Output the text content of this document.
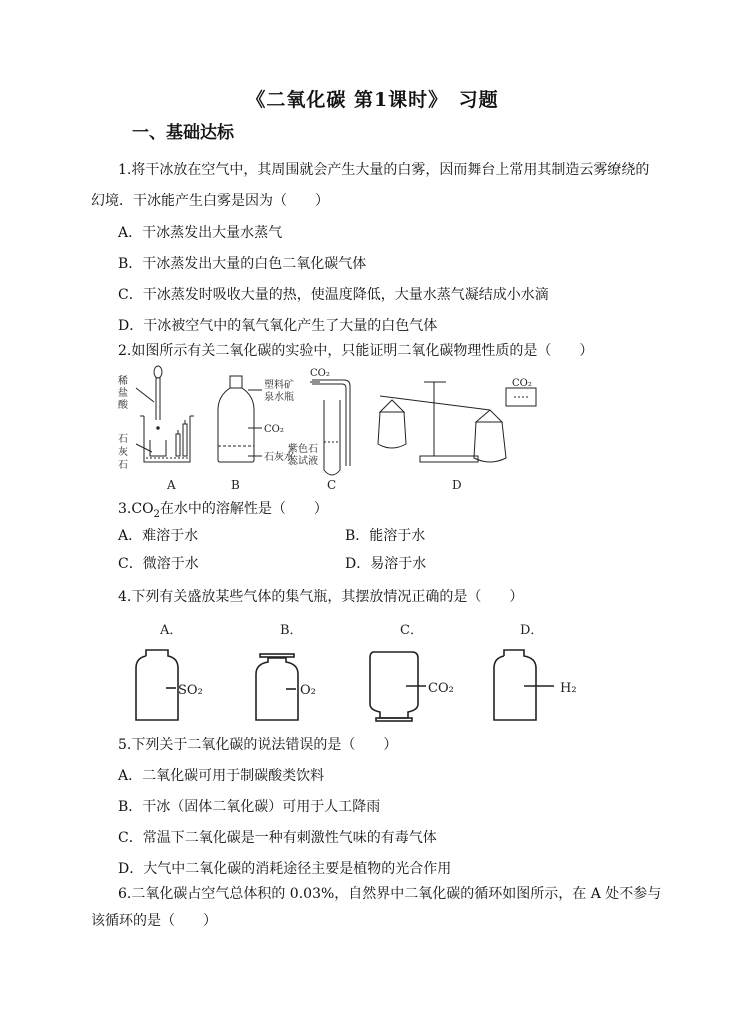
《二氧化碳 第1课时》　习题
一、基础达标
1.将干冰放在空气中，其周围就会产生大量的白雾，因而舞台上常用其制造云雾缭绕的
幻境．干冰能产生白雾是因为（　　）
A．干冰蒸发出大量水蒸气
B．干冰蒸发出大量的白色二氧化碳气体
C．干冰蒸发时吸收大量的热，使温度降低，大量水蒸气凝结成小水滴
D．干冰被空气中的氧气氧化产生了大量的白色气体
2.如图所示有关二氧化碳的实验中，只能证明二氧化碳物理性质的是（　　）
稀
盐
酸
石
灰
石
塑料矿
泉水瓶
CO₂
石灰水
CO₂
紫色石
蕊试液
CO₂
A	B	C	D
$3.CO_2$在水中的溶解性是（　　）
A．难溶于水	B．能溶于水
C．微溶于水	D．易溶于水
4.下列有关盛放某些气体的集气瓶，其摆放情况正确的是（　　）
A．	B．	C．	D．
SO₂	O₂	CO₂	H₂
5.下列关于二氧化碳的说法错误的是（　　）
A．二氧化碳可用于制碳酸类饮料
B．干冰（固体二氧化碳）可用于人工降雨
C．常温下二氧化碳是一种有刺激性气味的有毒气体
D．大气中二氧化碳的消耗途径主要是植物的光合作用
6.二氧化碳占空气总体积的 0.03%，自然界中二氧化碳的循环如图所示，在 A 处不参与
该循环的是（　　）
